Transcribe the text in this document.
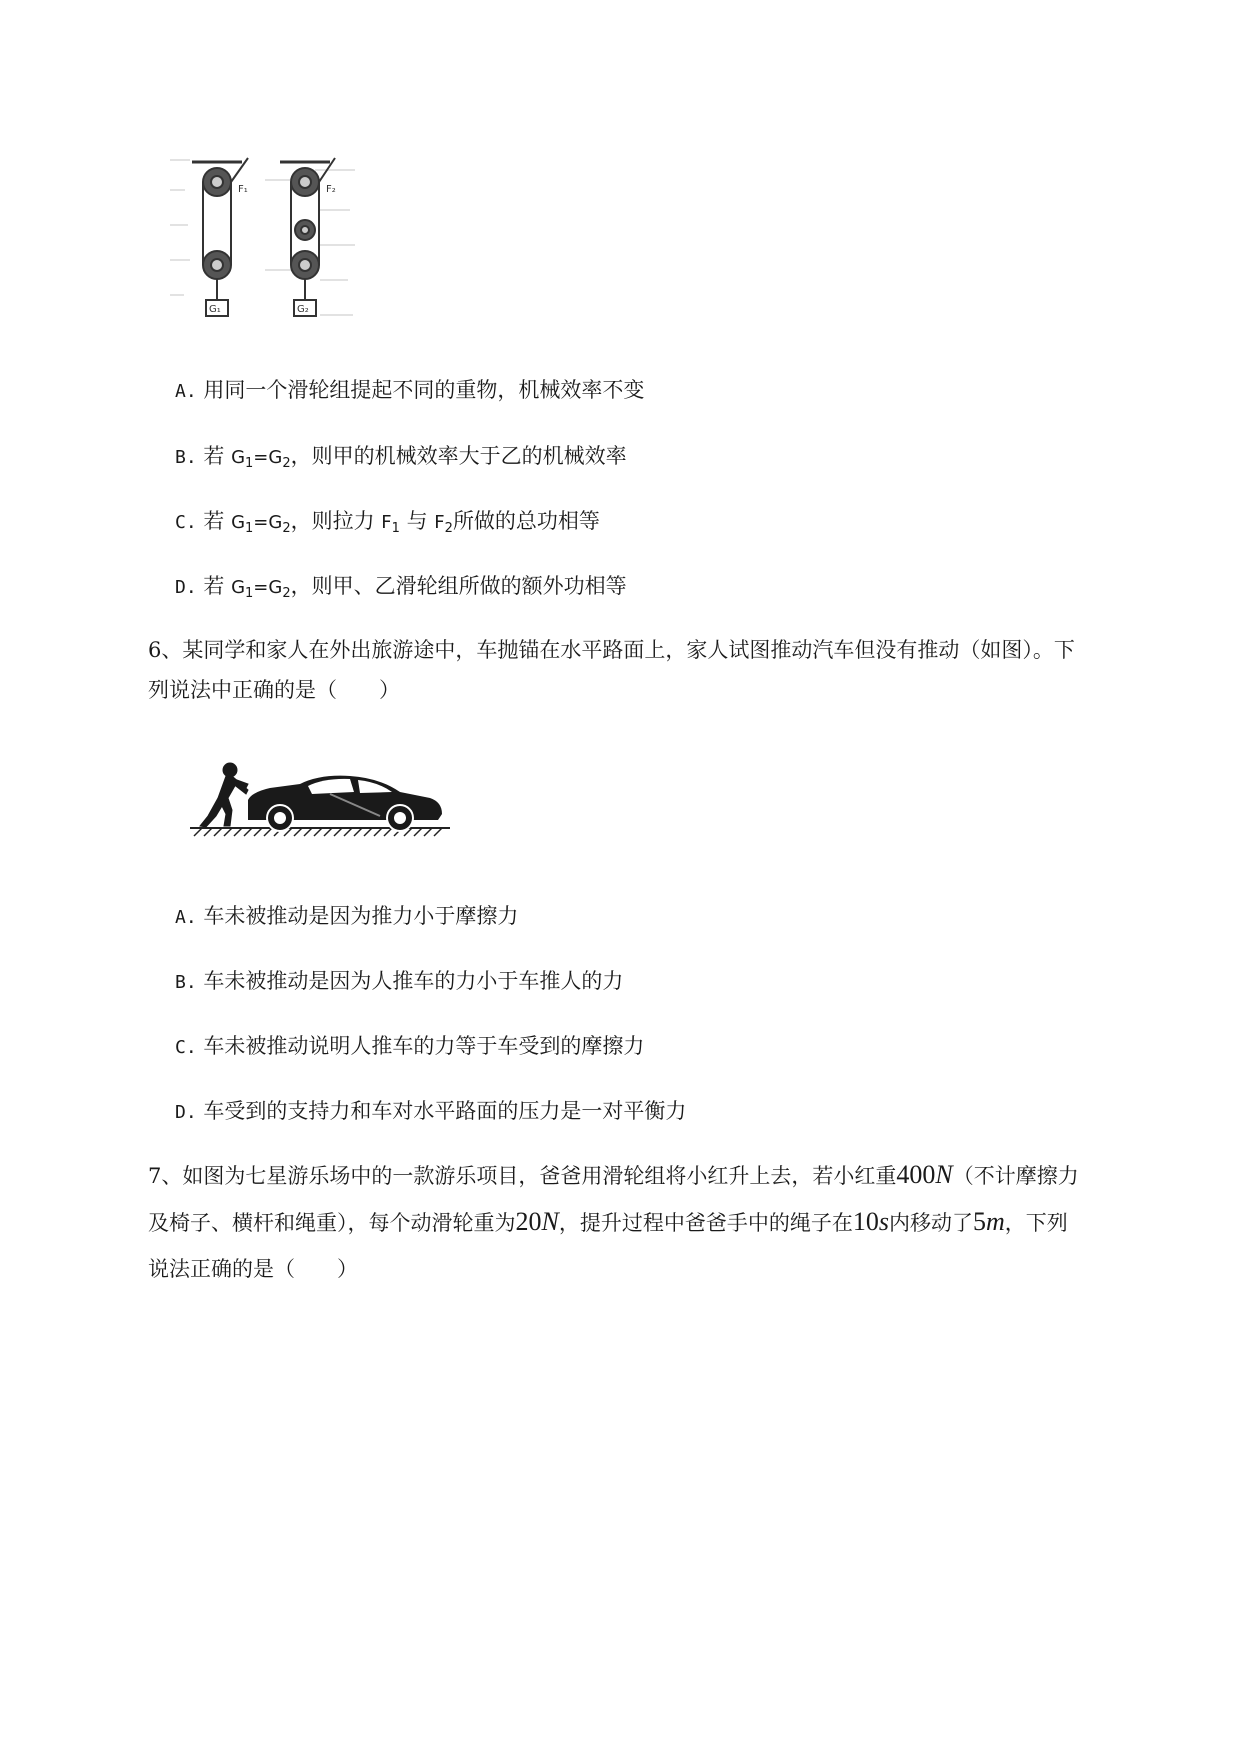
F₁
G₁
F₂
G₂
A. 用同一个滑轮组提起不同的重物，机械效率不变
B. 若 $G_1=G_2$，则甲的机械效率大于乙的机械效率
C. 若 $G_1=G_2$，则拉力 $F_1$ 与 $F_2$所做的总功相等
D. 若 $G_1=G_2$，则甲、乙滑轮组所做的额外功相等
6、某同学和家人在外出旅游途中，车抛锚在水平路面上，家人试图推动汽车但没有推动（如图）。下
列说法中正确的是（　　）
A. 车未被推动是因为推力小于摩擦力
B. 车未被推动是因为人推车的力小于车推人的力
C. 车未被推动说明人推车的力等于车受到的摩擦力
D. 车受到的支持力和车对水平路面的压力是一对平衡力
7、如图为七星游乐场中的一款游乐项目，爸爸用滑轮组将小红升上去，若小红重400N（不计摩擦力
及椅子、横杆和绳重），每个动滑轮重为20N，提升过程中爸爸手中的绳子在10s内移动了5m，下列
说法正确的是（　　）
